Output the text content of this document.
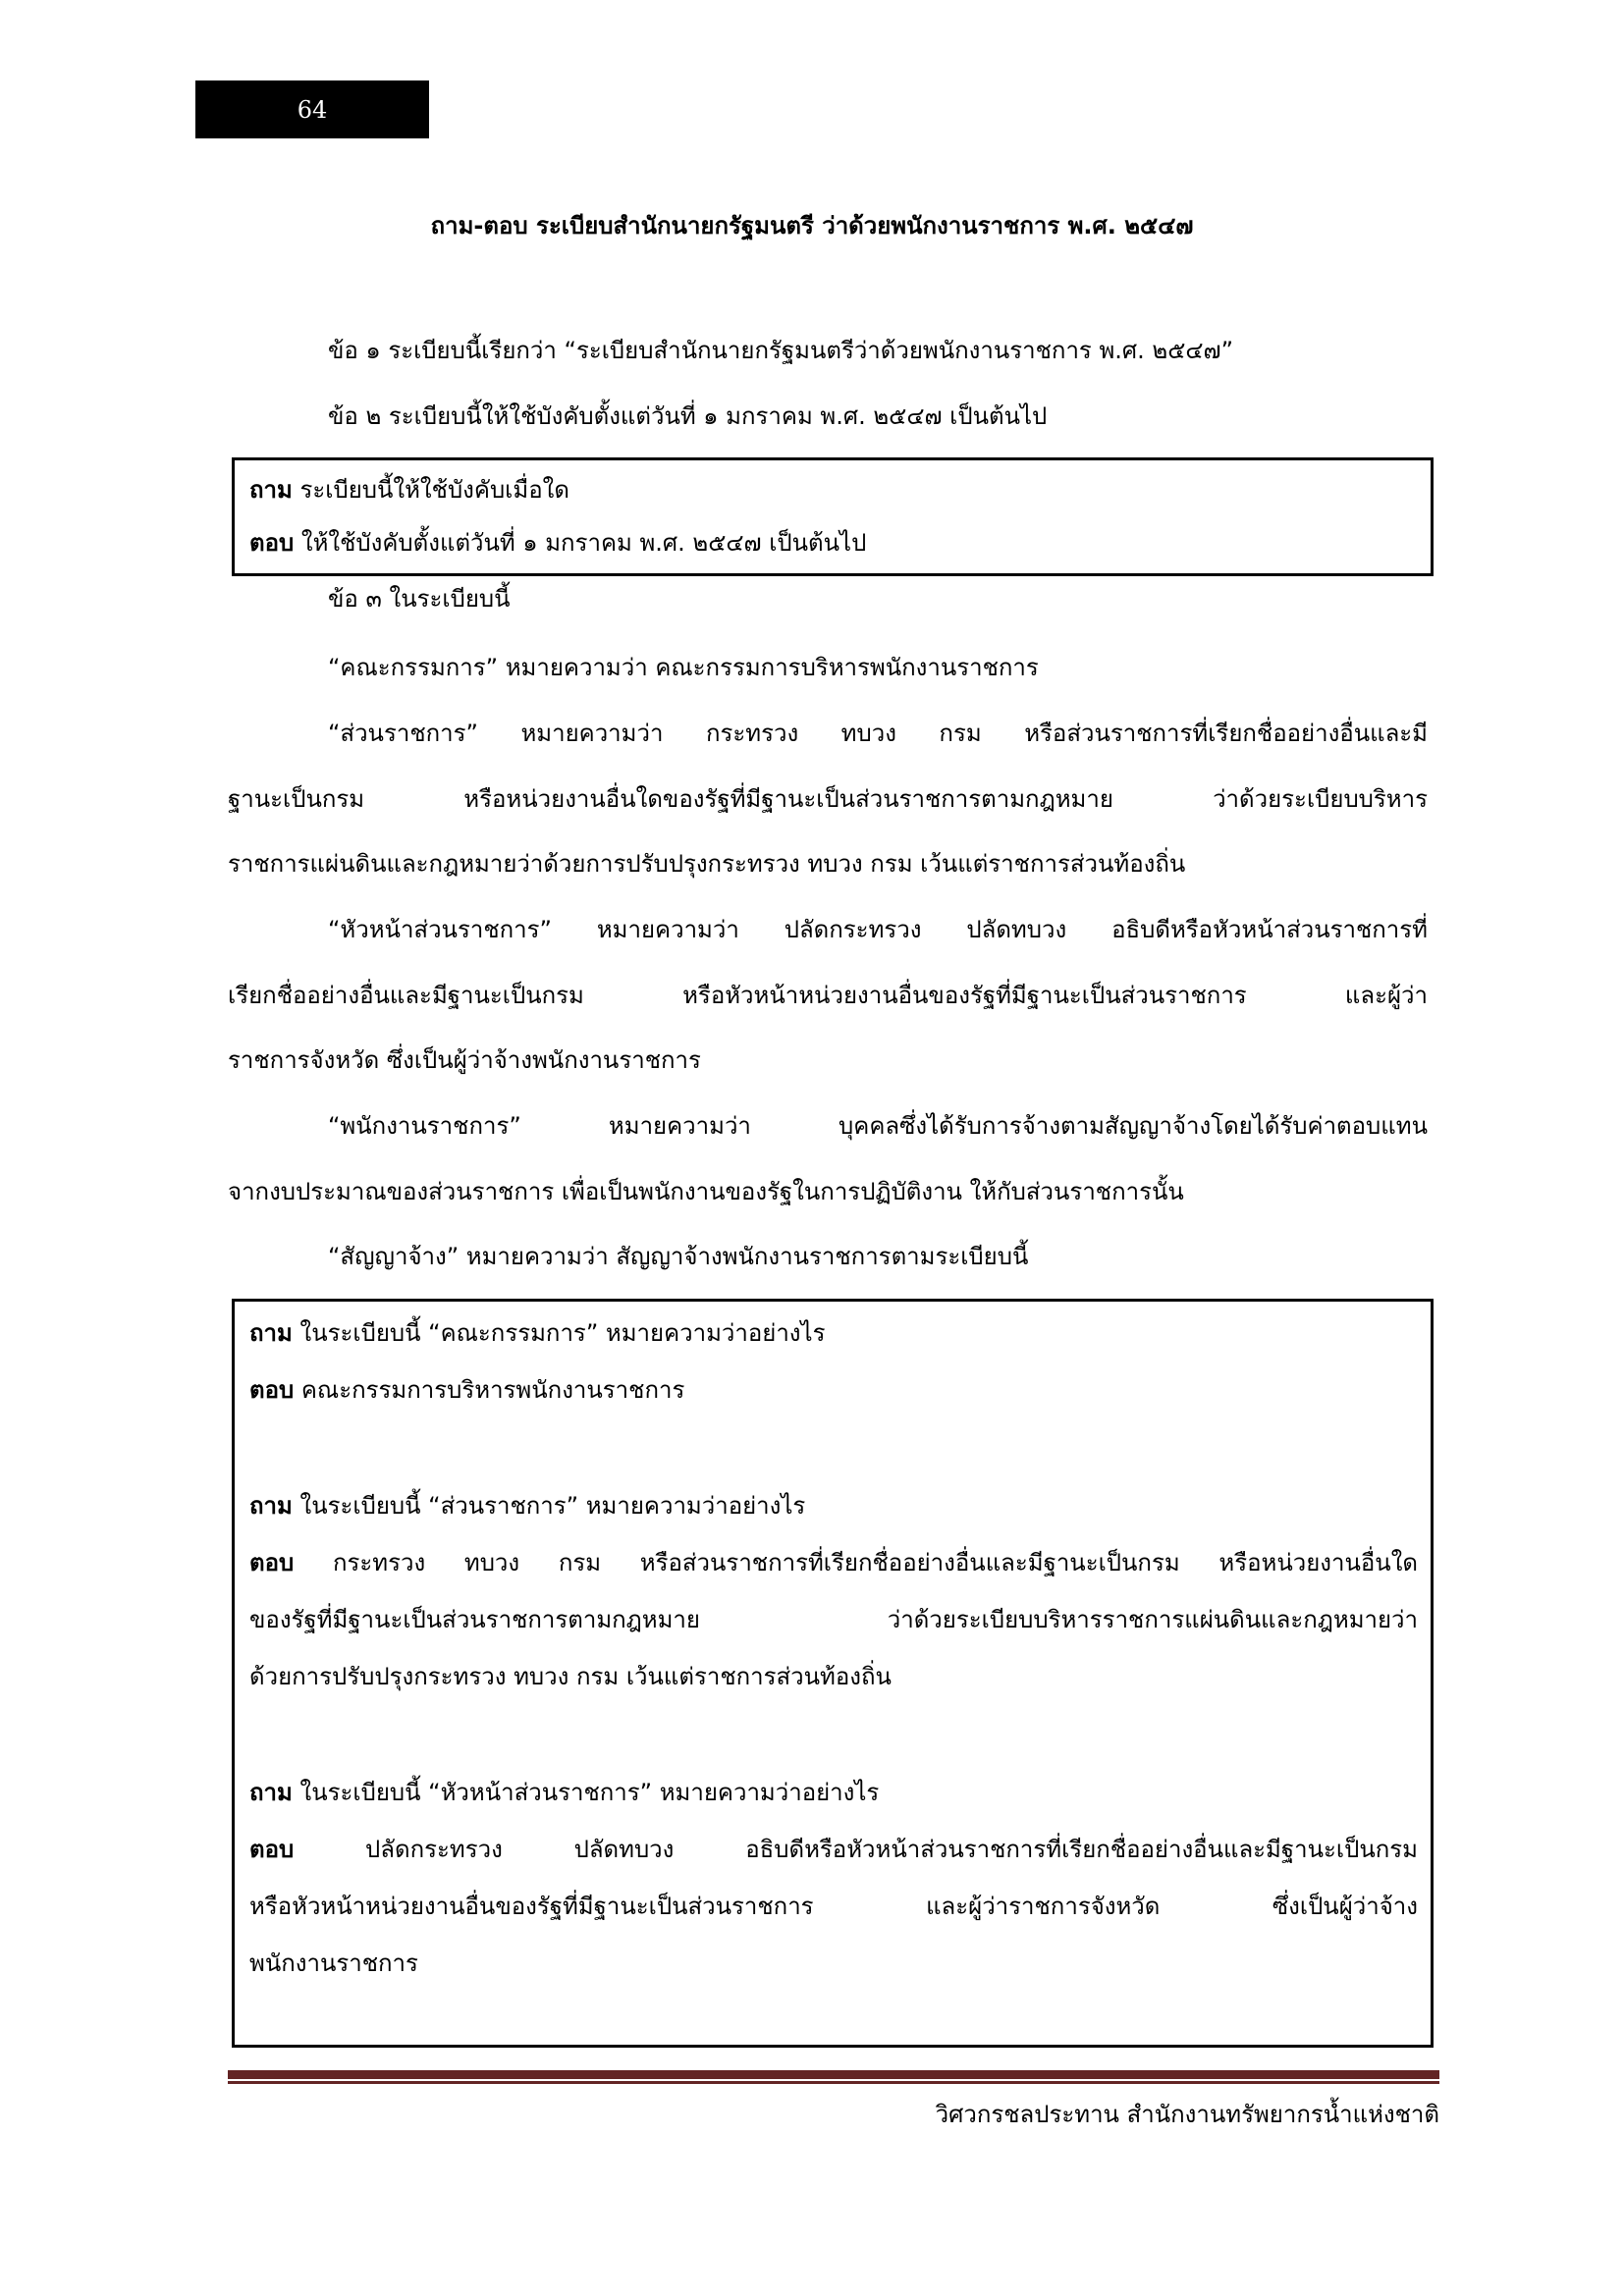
64
ถาม-ตอบ ระเบียบสำนักนายกรัฐมนตรี ว่าด้วยพนักงานราชการ พ.ศ. ๒๕๔๗
ข้อ ๑ ระเบียบนี้เรียกว่า “ระเบียบสำนักนายกรัฐมนตรีว่าด้วยพนักงานราชการ พ.ศ. ๒๕๔๗”
ข้อ ๒ ระเบียบนี้ให้ใช้บังคับตั้งแต่วันที่ ๑ มกราคม พ.ศ. ๒๕๔๗ เป็นต้นไป
ถาม ระเบียบนี้ให้ใช้บังคับเมื่อใด
ตอบ ให้ใช้บังคับตั้งแต่วันที่ ๑ มกราคม พ.ศ. ๒๕๔๗ เป็นต้นไป
ข้อ ๓ ในระเบียบนี้
“คณะกรรมการ” หมายความว่า คณะกรรมการบริหารพนักงานราชการ
“ส่วนราชการ” หมายความว่า กระทรวง ทบวง กรม หรือส่วนราชการที่เรียกชื่ออย่างอื่นและมี
ฐานะเป็นกรม หรือหน่วยงานอื่นใดของรัฐที่มีฐานะเป็นส่วนราชการตามกฎหมาย ว่าด้วยระเบียบบริหาร
ราชการแผ่นดินและกฎหมายว่าด้วยการปรับปรุงกระทรวง ทบวง กรม เว้นแต่ราชการส่วนท้องถิ่น
“หัวหน้าส่วนราชการ” หมายความว่า ปลัดกระทรวง ปลัดทบวง อธิบดีหรือหัวหน้าส่วนราชการที่
เรียกชื่ออย่างอื่นและมีฐานะเป็นกรม หรือหัวหน้าหน่วยงานอื่นของรัฐที่มีฐานะเป็นส่วนราชการ และผู้ว่า
ราชการจังหวัด ซึ่งเป็นผู้ว่าจ้างพนักงานราชการ
“พนักงานราชการ” หมายความว่า บุคคลซึ่งได้รับการจ้างตามสัญญาจ้างโดยได้รับค่าตอบแทน
จากงบประมาณของส่วนราชการ เพื่อเป็นพนักงานของรัฐในการปฏิบัติงาน ให้กับส่วนราชการนั้น
“สัญญาจ้าง” หมายความว่า สัญญาจ้างพนักงานราชการตามระเบียบนี้
ถาม ในระเบียบนี้ “คณะกรรมการ” หมายความว่าอย่างไร
ตอบ คณะกรรมการบริหารพนักงานราชการ
ถาม ในระเบียบนี้ “ส่วนราชการ” หมายความว่าอย่างไร
ตอบ กระทรวง ทบวง กรม หรือส่วนราชการที่เรียกชื่ออย่างอื่นและมีฐานะเป็นกรม หรือหน่วยงานอื่นใด
ของรัฐที่มีฐานะเป็นส่วนราชการตามกฎหมาย ว่าด้วยระเบียบบริหารราชการแผ่นดินและกฎหมายว่า
ด้วยการปรับปรุงกระทรวง ทบวง กรม เว้นแต่ราชการส่วนท้องถิ่น
ถาม ในระเบียบนี้ “หัวหน้าส่วนราชการ” หมายความว่าอย่างไร
ตอบ	ปลัดกระทรวง ปลัดทบวง อธิบดีหรือหัวหน้าส่วนราชการที่เรียกชื่ออย่างอื่นและมีฐานะเป็นกรม
หรือหัวหน้าหน่วยงานอื่นของรัฐที่มีฐานะเป็นส่วนราชการ และผู้ว่าราชการจังหวัด ซึ่งเป็นผู้ว่าจ้าง
พนักงานราชการ
วิศวกรชลประทาน สำนักงานทรัพยากรน้ำแห่งชาติ
